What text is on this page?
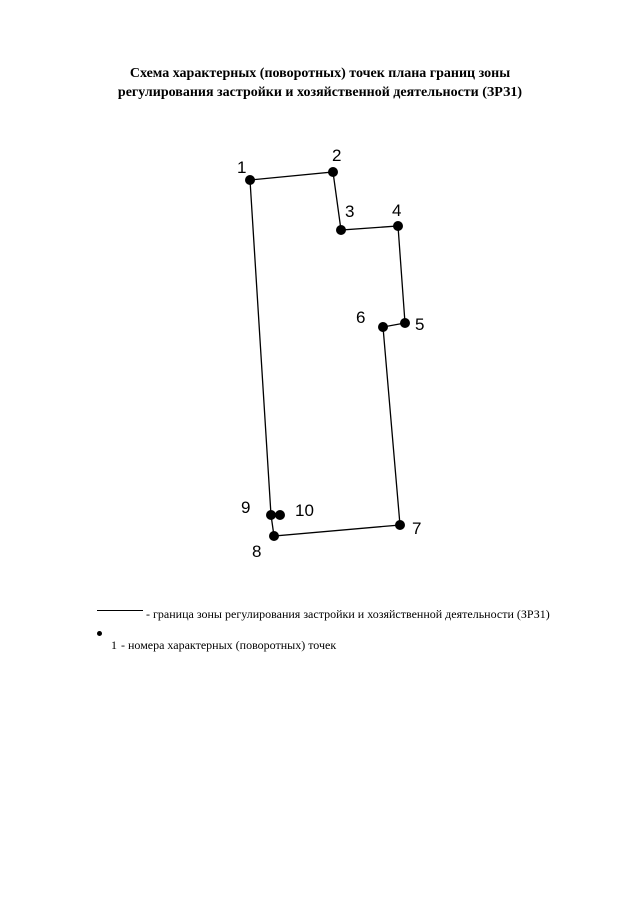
Схема характерных (поворотных) точек плана границ зоны
регулирования застройки и хозяйственной деятельности (ЗРЗ1)
1
2
3 4
5
6
7
8
9	10
- граница зоны регулирования застройки и хозяйственной деятельности (ЗРЗ1)
1 - номера характерных (поворотных) точек
